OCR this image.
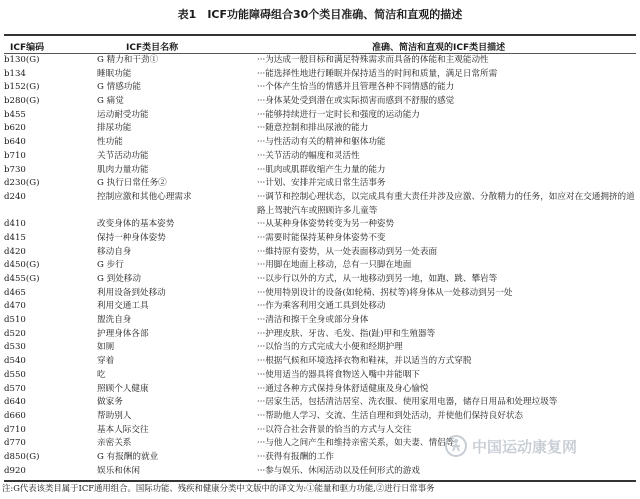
表1　ICF功能障碍组合30个类目准确、简洁和直观的描述
ICF编码	ICF类目名称	准确、简洁和直观的ICF类目描述
b130(G)	G 精力和干劲①	···为达成一般目标和满足特殊需求而具备的体能和主观能动性
b134	睡眠功能	···能选择性地进行睡眠并保持适当的时间和质量，满足日常所需
b152(G)	G 情感功能	···个体产生恰当的情感并且管理各种不同情感的能力
b280(G)	G 痛觉	···身体某处受到潜在或实际损害而感到不舒服的感觉
b455	运动耐受功能	···能够持续进行一定时长和强度的运动能力
b620	排尿功能	···随意控制和排出尿液的能力
b640	性功能	···与性活动有关的精神和躯体功能
b710	关节活动功能	···关节活动的幅度和灵活性
b730	肌肉力量功能	···肌肉或肌群收缩产生力量的能力
d230(G)	G 执行日常任务②	···计划、安排并完成日常生活事务
d240	控制应激和其他心理需求	···调节和控制心理状态，以完成具有重大责任并涉及应激、分散精力的任务，如应对在交通拥挤的道路上驾驶汽车或照顾许多儿童等
d410	改变身体的基本姿势	···从某种身体姿势转变为另一种姿势
d415	保持一种身体姿势	···需要时能保持某种身体姿势不变
d420	移动自身	···維持原有姿势，从一处表面移动到另一处表面
d450(G)	G 步行	···用脚在地面上移动，总有一只脚在地面
d455(G)	G 到处移动	···以步行以外的方式，从一地移动到另一地，如跑、跳、攀岩等
d465	利用设备到处移动	···使用特别设计的设备(如轮椅、拐杖等)将身体从一处移动到另一处
d470	利用交通工具	···作为乘客利用交通工具到处移动
d510	盥洗自身	···清洁和擦干全身或部分身体
d520	护理身体各部	···护理皮肤、牙齿、毛发、指(趾)甲和生殖器等
d530	如厕	···以恰当的方式完成大小便和经期护理
d540	穿着	···根据气候和环境选择衣物和鞋袜，并以适当的方式穿脱
d550	吃	···使用适当的器具将食物送入嘴中并能咽下
d570	照顾个人健康	···通过各种方式保持身体舒适健康及身心愉悦
d640	做家务	···居家生活，包括清洁居室、洗衣服、使用家用电器，储存日用品和处理垃圾等
d660	帮助别人	···帮助他人学习、交流、生活自理和到处活动，并使他们保持良好状态
d710	基本人际交往	···以符合社会背景的恰当的方式与人交往
d770	亲密关系	···与他人之间产生和维持亲密关系，如夫妻、情侣等
d850(G)	G 有报酬的就业	···获得有报酬的工作
d920	娱乐和休闲	···参与娱乐、休闲活动以及任何形式的游戏
注:G代表该类目属于ICF通用组合。国际功能、残疾和健康分类中文版中的译文为:①能量和驱力功能,②进行日常事务
中国运动康复网
